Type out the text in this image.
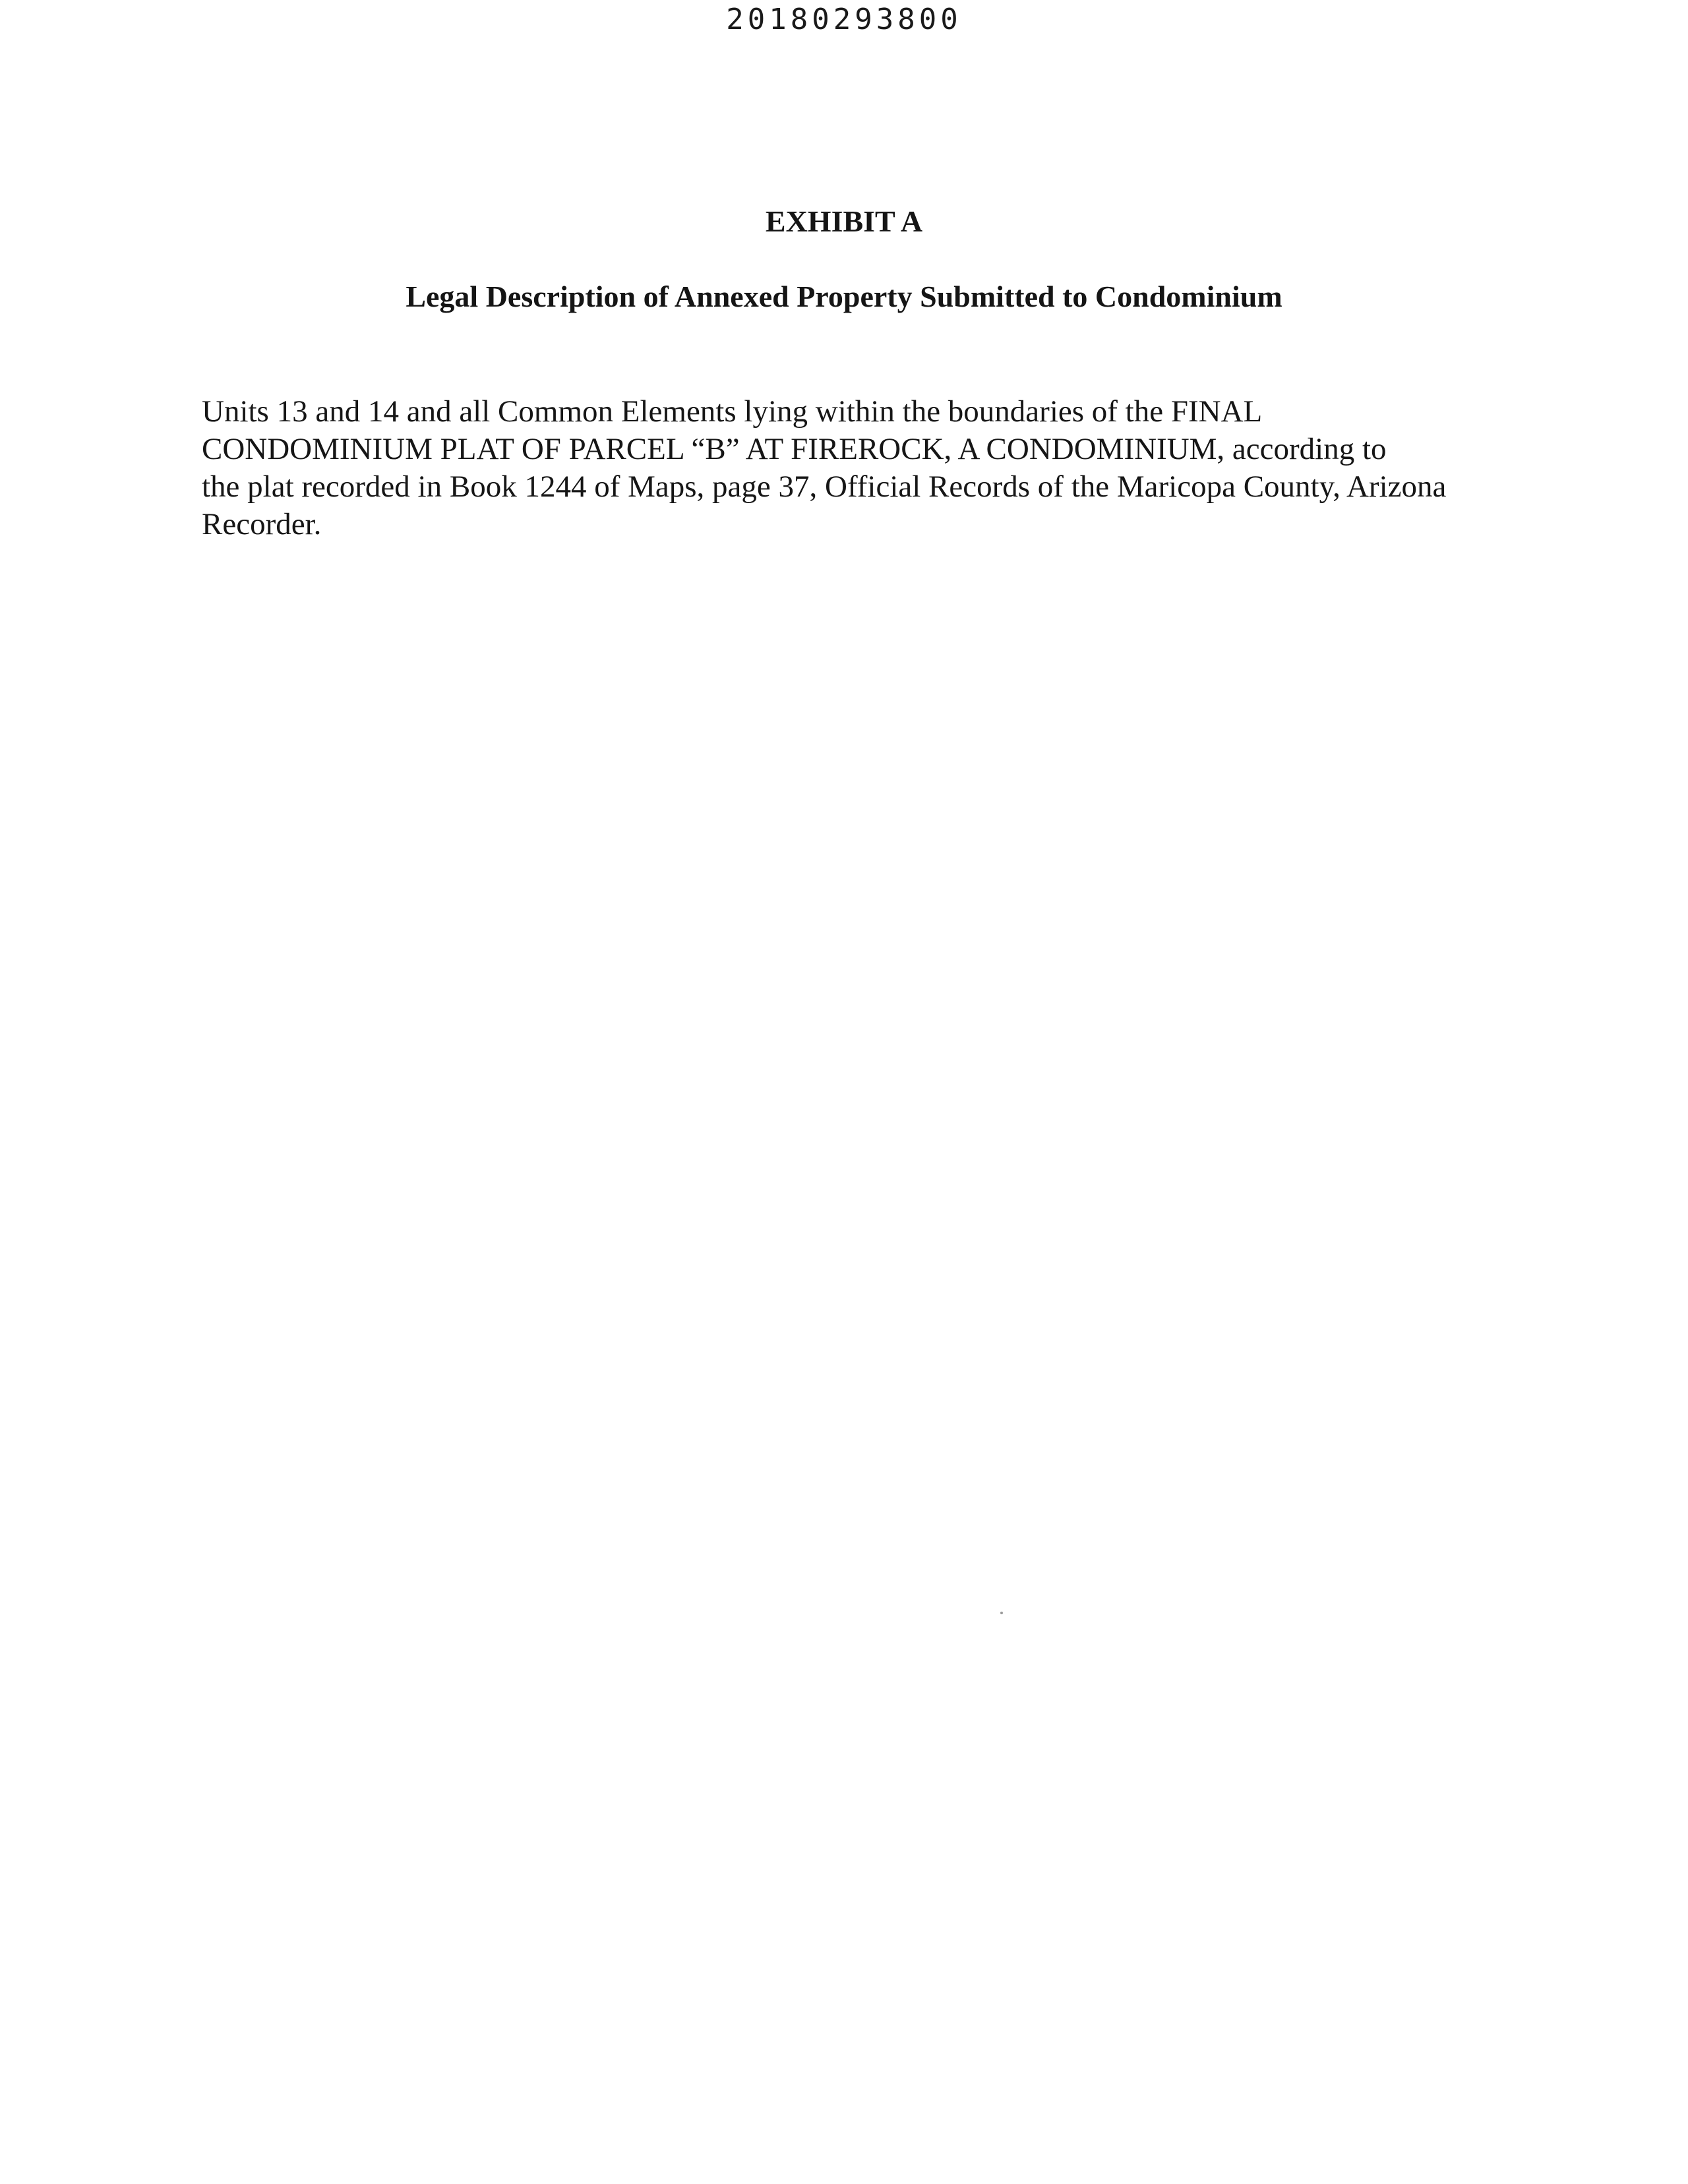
20180293800
EXHIBIT A
Legal Description of Annexed Property Submitted to Condominium
Units 13 and 14 and all Common Elements lying within the boundaries of the FINAL
CONDOMINIUM PLAT OF PARCEL “B” AT FIREROCK, A CONDOMINIUM, according to
the plat recorded in Book 1244 of Maps, page 37, Official Records of the Maricopa County, Arizona
Recorder.
